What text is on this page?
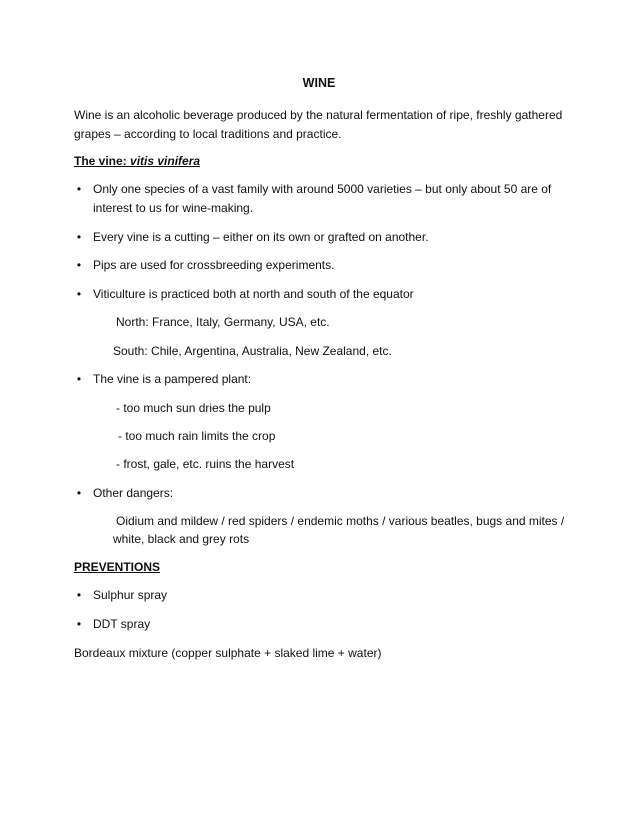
WINE
Wine is an alcoholic beverage produced by the natural fermentation of ripe, freshly gathered grapes – according to local traditions and practice.
The vine: vitis vinifera
• Only one species of a vast family with around 5000 varieties – but only about 50 are of interest to us for wine-making.
• Every vine is a cutting – either on its own or grafted on another.
• Pips are used for crossbreeding experiments.
• Viticulture is practiced both at north and south of the equator
North: France, Italy, Germany, USA, etc.
South: Chile, Argentina, Australia, New Zealand, etc.
• The vine is a pampered plant:
- too much sun dries the pulp
- too much rain limits the crop
- frost, gale, etc. ruins the harvest
• Other dangers:
Oidium and mildew / red spiders / endemic moths / various beatles, bugs and mites /
white, black and grey rots
PREVENTIONS
• Sulphur spray
• DDT spray
Bordeaux mixture (copper sulphate + slaked lime + water)
